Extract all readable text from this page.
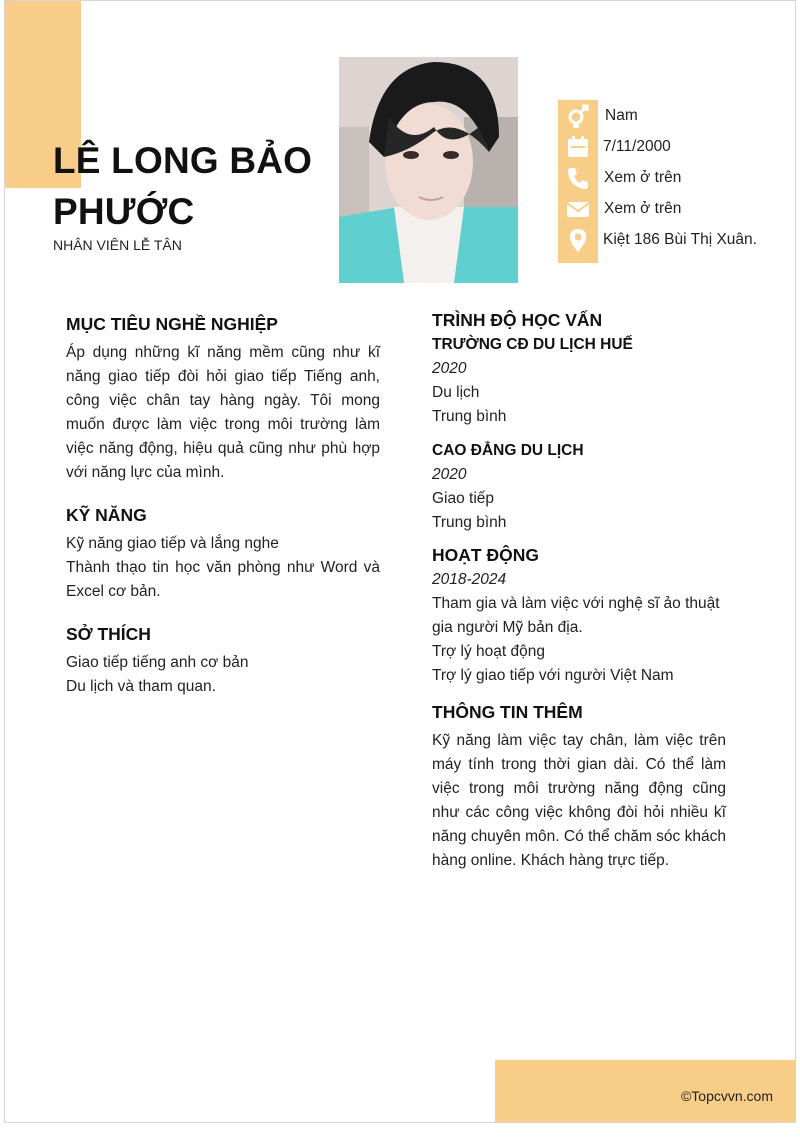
LÊ LONG BẢO PHƯỚC
NHÂN VIÊN LỄ TÂN
Nam
7/11/2000
Xem ở trên
Xem ở trên
Kiệt 186 Bùi Thị Xuân.
MỤC TIÊU NGHỀ NGHIỆP

Áp dụng những kĩ năng mềm cũng như kĩ năng giao tiếp đòi hỏi giao tiếp Tiếng anh, công việc chân tay hàng ngày. Tôi mong muốn được làm việc trong môi trường làm việc năng động, hiệu quả cũng như phù hợp với năng lực của mình.

KỸ NĂNG
Kỹ năng giao tiếp và lắng nghe

Thành thạo tin học văn phòng như Word và Excel cơ bản.

SỞ THÍCH
Giao tiếp tiếng anh cơ bản
Du lịch và tham quan.
TRÌNH ĐỘ HỌC VẤN
TRƯỜNG CĐ DU LỊCH HUẾ
2020
Du lịch
Trung bình
CAO ĐẲNG DU LỊCH
2020
Giao tiếp
Trung bình
HOẠT ĐỘNG
2018-2024
Tham gia và làm việc với nghệ sĩ ảo thuật gia người Mỹ bản địa.
Trợ lý hoạt động
Trợ lý giao tiếp với người Việt Nam
THÔNG TIN THÊM

Kỹ năng làm việc tay chân, làm việc trên máy tính trong thời gian dài. Có thể làm việc trong môi trường năng động cũng như các công việc không đòi hỏi nhiều kĩ năng chuyên môn. Có thể chăm sóc khách hàng online. Khách hàng trực tiếp.

©Topcvvn.com
